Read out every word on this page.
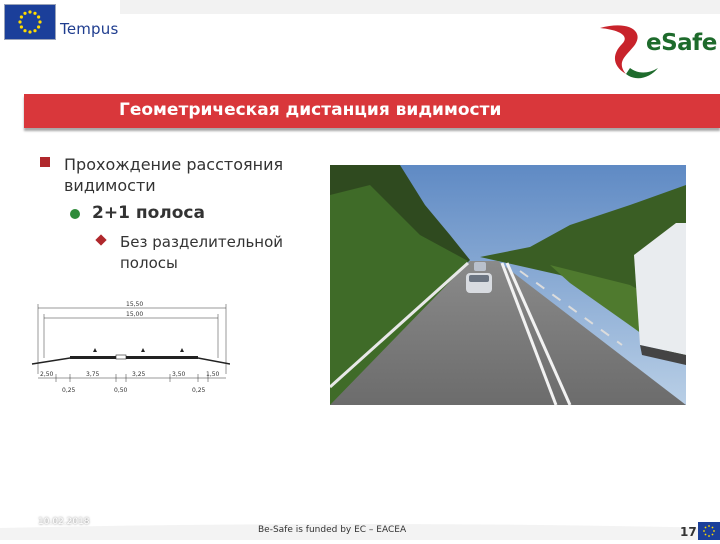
Tempus
eSafe
Геометрическая дистанция видимости
Прохождение расстояния видимости
2+1 полоса
Без разделительной полосы
15,50
15,00
2,50	3,75	3,25	3,50	1,50
0,25	0,50	0,25
10.02.2018
Be-Safe is funded by EC – EACEA	17
